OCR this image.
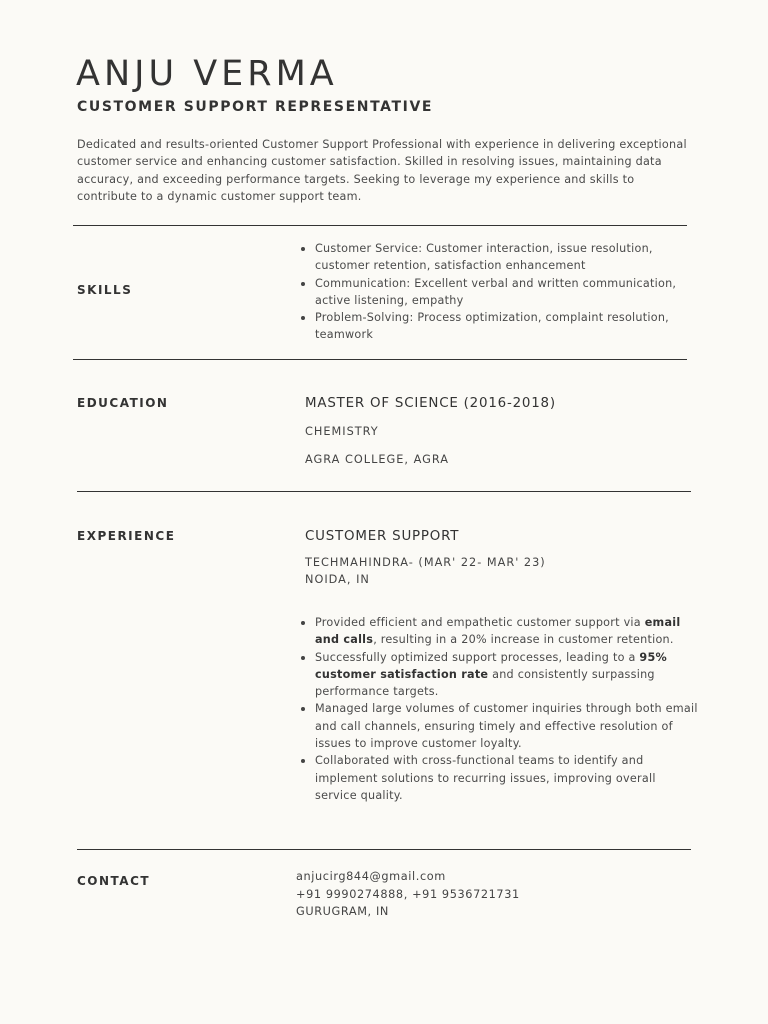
ANJU VERMA
CUSTOMER SUPPORT REPRESENTATIVE

Dedicated and results-oriented Customer Support Professional with experience in delivering exceptional customer service and enhancing customer satisfaction. Skilled in resolving issues, maintaining data accuracy, and exceeding performance targets. Seeking to leverage my experience and skills to contribute to a dynamic customer support team.

SKILLS
Customer Service: Customer interaction, issue resolution, customer retention, satisfaction enhancement
Communication: Excellent verbal and written communication, active listening, empathy
Problem-Solving: Process optimization, complaint resolution, teamwork
EDUCATION	MASTER OF SCIENCE (2016-2018)

CHEMISTRY

AGRA COLLEGE, AGRA

EXPERIENCE	CUSTOMER SUPPORT

TECHMAHINDRA- (MAR' 22- MAR' 23)

NOIDA, IN

Provided efficient and empathetic customer support via email and calls, resulting in a 20% increase in customer retention.
Successfully optimized support processes, leading to a 95% customer satisfaction rate and consistently surpassing performance targets.
Managed large volumes of customer inquiries through both email and call channels, ensuring timely and effective resolution of issues to improve customer loyalty.
Collaborated with cross-functional teams to identify and implement solutions to recurring issues, improving overall service quality.
CONTACT	anjucirg844@gmail.com

+91 9990274888, +91 9536721731

GURUGRAM, IN
